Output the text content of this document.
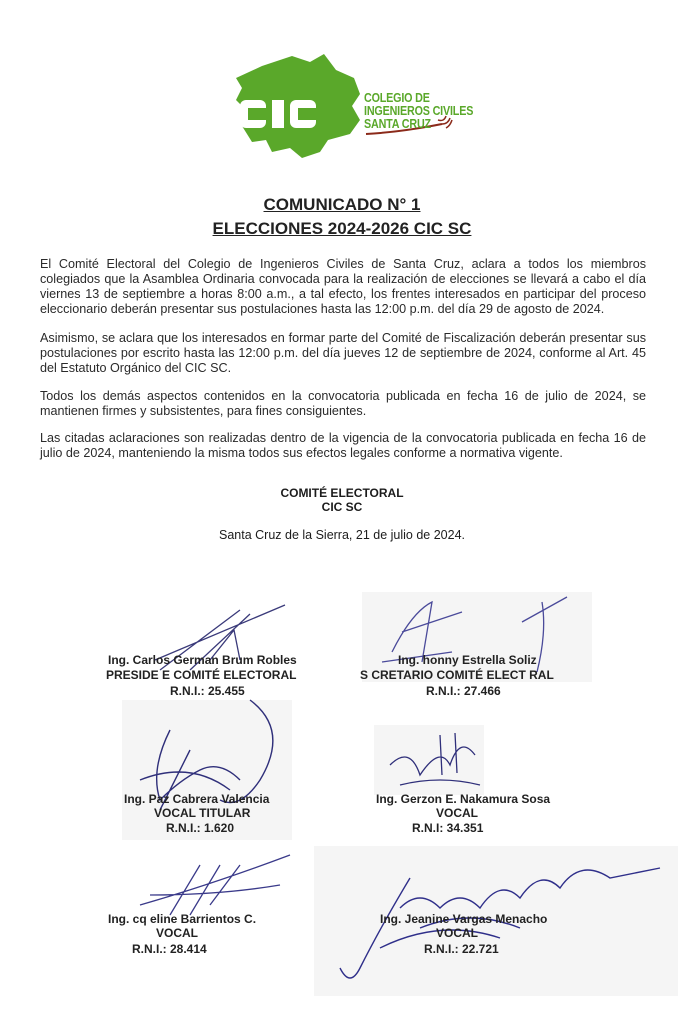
COLEGIO DE
INGENIEROS CIVILES
SANTA CRUZ
COMUNICADO N° 1
ELECCIONES 2024-2026 CIC SC
El Comité Electoral del Colegio de Ingenieros Civiles de Santa Cruz, aclara a todos los miembros colegiados que la Asamblea Ordinaria convocada para la realización de elecciones se llevará a cabo el día viernes 13 de septiembre a horas 8:00 a.m., a tal efecto, los frentes interesados en participar del proceso eleccionario deberán presentar sus postulaciones hasta las 12:00 p.m. del día 29 de agosto de 2024.
Asimismo, se aclara que los interesados en formar parte del Comité de Fiscalización deberán presentar sus postulaciones por escrito hasta las 12:00 p.m. del día jueves 12 de septiembre de 2024, conforme al Art. 45 del Estatuto Orgánico del CIC SC.
Todos los demás aspectos contenidos en la convocatoria publicada en fecha 16 de julio de 2024, se mantienen firmes y subsistentes, para fines consiguientes.
Las citadas aclaraciones son realizadas dentro de la vigencia de la convocatoria publicada en fecha 16 de julio de 2024, manteniendo la misma todos sus efectos legales conforme a normativa vigente.
COMITÉ ELECTORAL
CIC SC
Santa Cruz de la Sierra, 21 de julio de 2024.
Ing. Carlos German Brum Robles
PRESIDE E COMITÉ ELECTORAL
R.N.I.: 25.455
Ing. honny Estrella Soliz
S CRETARIO COMITÉ ELECT RAL
R.N.I.: 27.466
Ing. Paz Cabrera Valencia
VOCAL TITULAR
R.N.I.: 1.620
Ing. Gerzon E. Nakamura Sosa
VOCAL
R.N.I: 34.351
Ing. cq eline Barrientos C.
VOCAL
R.N.I.: 28.414
Ing. Jeanine Vargas Menacho
VOCAL
R.N.I.: 22.721
